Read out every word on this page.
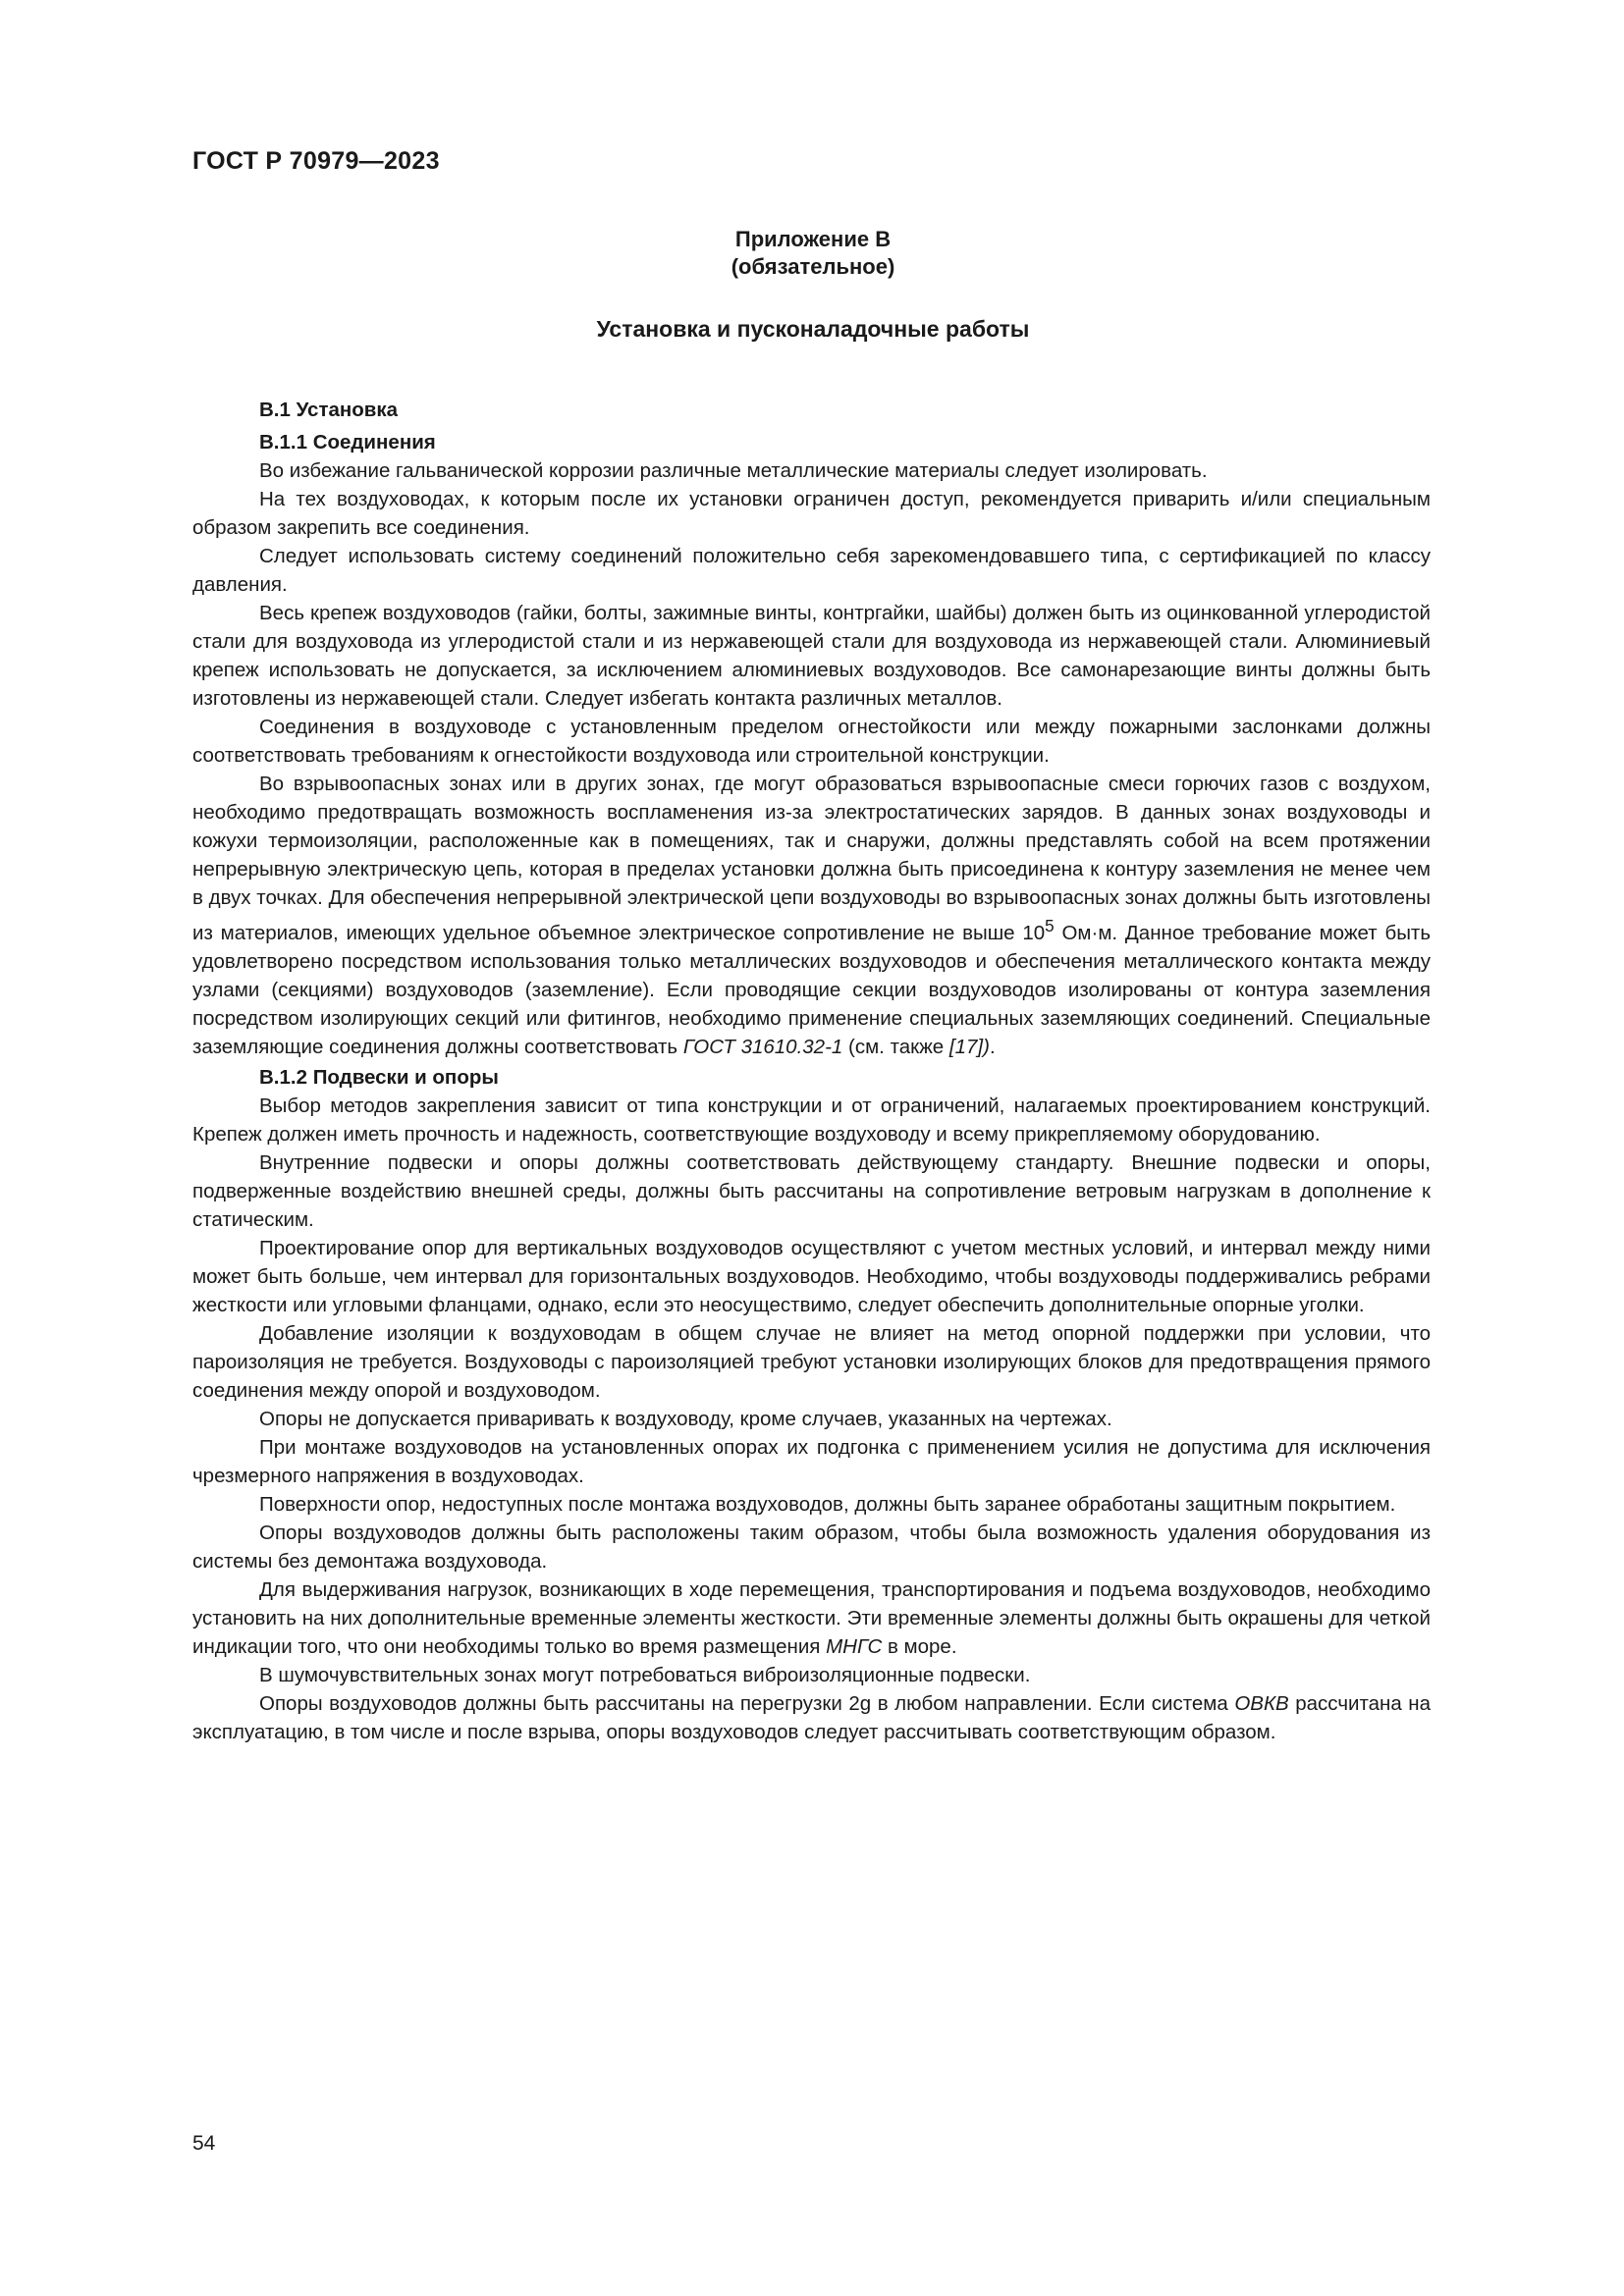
ГОСТ Р 70979—2023
Приложение В
(обязательное)
Установка и пусконаладочные работы
В.1 Установка
В.1.1 Соединения

Во избежание гальванической коррозии различные металлические материалы следует изолировать.

На тех воздуховодах, к которым после их установки ограничен доступ, рекомендуется приварить и/или специальным образом закрепить все соединения.

Следует использовать систему соединений положительно себя зарекомендовавшего типа, с сертификацией по классу давления.

Весь крепеж воздуховодов (гайки, болты, зажимные винты, контргайки, шайбы) должен быть из оцинкованной углеродистой стали для воздуховода из углеродистой стали и из нержавеющей стали для воздуховода из нержавеющей стали. Алюминиевый крепеж использовать не допускается, за исключением алюминиевых воздуховодов. Все самонарезающие винты должны быть изготовлены из нержавеющей стали. Следует избегать контакта различных металлов.

Соединения в воздуховоде с установленным пределом огнестойкости или между пожарными заслонками должны соответствовать требованиям к огнестойкости воздуховода или строительной конструкции.

Во взрывоопасных зонах или в других зонах, где могут образоваться взрывоопасные смеси горючих газов с воздухом, необходимо предотвращать возможность воспламенения из-за электростатических зарядов. В данных зонах воздуховоды и кожухи термоизоляции, расположенные как в помещениях, так и снаружи, должны представлять собой на всем протяжении непрерывную электрическую цепь, которая в пределах установки должна быть присоединена к контуру заземления не менее чем в двух точках. Для обеспечения непрерывной электрической цепи воздуховоды во взрывоопасных зонах должны быть изготовлены из материалов, имеющих удельное объемное электрическое сопротивление не выше $10^5$ Ом·м. Данное требование может быть удовлетворено посредством использования только металлических воздуховодов и обеспечения металлического контакта между узлами (секциями) воздуховодов (заземление). Если проводящие секции воздуховодов изолированы от контура заземления посредством изолирующих секций или фитингов, необходимо применение специальных заземляющих соединений. Специальные заземляющие соединения должны соответствовать ГОСТ 31610.32-1 (см. также [17]).

В.1.2 Подвески и опоры

Выбор методов закрепления зависит от типа конструкции и от ограничений, налагаемых проектированием конструкций. Крепеж должен иметь прочность и надежность, соответствующие воздуховоду и всему прикрепляемому оборудованию.

Внутренние подвески и опоры должны соответствовать действующему стандарту. Внешние подвески и опоры, подверженные воздействию внешней среды, должны быть рассчитаны на сопротивление ветровым нагрузкам в дополнение к статическим.

Проектирование опор для вертикальных воздуховодов осуществляют с учетом местных условий, и интервал между ними может быть больше, чем интервал для горизонтальных воздуховодов. Необходимо, чтобы воздуховоды поддерживались ребрами жесткости или угловыми фланцами, однако, если это неосуществимо, следует обеспечить дополнительные опорные уголки.

Добавление изоляции к воздуховодам в общем случае не влияет на метод опорной поддержки при условии, что пароизоляция не требуется. Воздуховоды с пароизоляцией требуют установки изолирующих блоков для предотвращения прямого соединения между опорой и воздуховодом.

Опоры не допускается приваривать к воздуховоду, кроме случаев, указанных на чертежах.

При монтаже воздуховодов на установленных опорах их подгонка с применением усилия не допустима для исключения чрезмерного напряжения в воздуховодах.

Поверхности опор, недоступных после монтажа воздуховодов, должны быть заранее обработаны защитным покрытием.

Опоры воздуховодов должны быть расположены таким образом, чтобы была возможность удаления оборудования из системы без демонтажа воздуховода.

Для выдерживания нагрузок, возникающих в ходе перемещения, транспортирования и подъема воздуховодов, необходимо установить на них дополнительные временные элементы жесткости. Эти временные элементы должны быть окрашены для четкой индикации того, что они необходимы только во время размещения МНГС в море.

В шумочувствительных зонах могут потребоваться виброизоляционные подвески.

Опоры воздуховодов должны быть рассчитаны на перегрузки 2g в любом направлении. Если система ОВКВ рассчитана на эксплуатацию, в том числе и после взрыва, опоры воздуховодов следует рассчитывать соответствующим образом.

54
